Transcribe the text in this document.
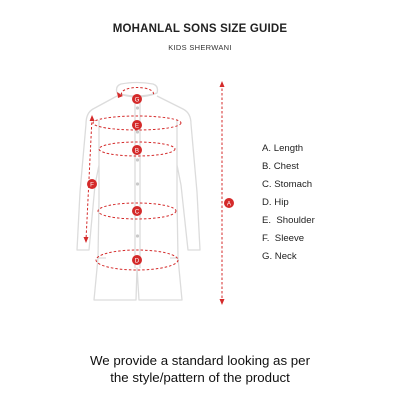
MOHANLAL SONS SIZE GUIDE
KIDS SHERWANI
G
E
B
F
C
A
D
A. Length
B. Chest
C. Stomach
D. Hip
E.  Shoulder
F.  Sleeve
G. Neck
We provide a standard looking as per
the style/pattern of the product
